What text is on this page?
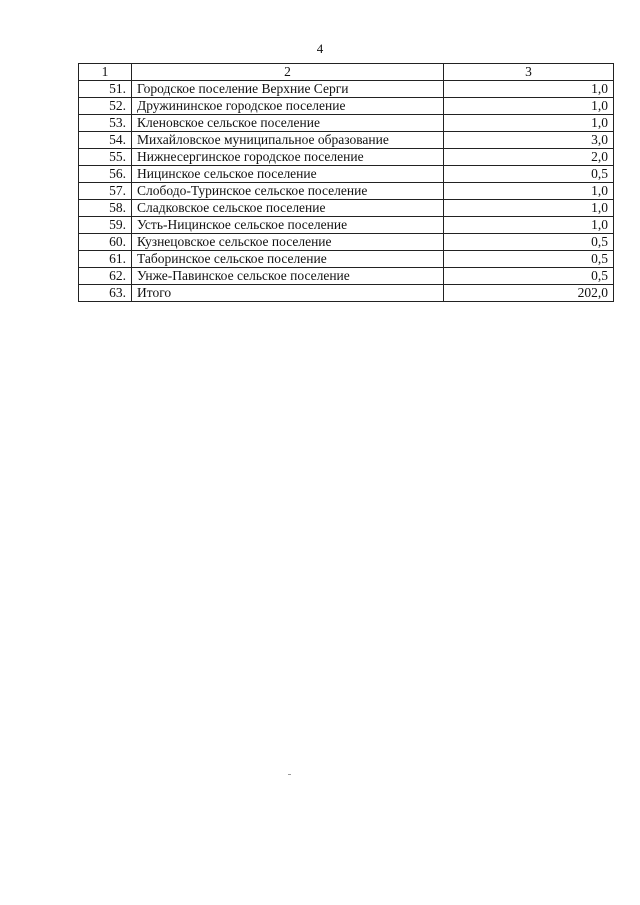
4
1	2	3
51.	Городское поселение Верхние Серги	1,0
52.	Дружининское городское поселение	1,0
53.	Кленовское сельское поселение	1,0
54.	Михайловское муниципальное образование	3,0
55.	Нижнесергинское городское поселение	2,0
56.	Ницинское сельское поселение	0,5
57.	Слободо-Туринское сельское поселение	1,0
58.	Сладковское сельское поселение	1,0
59.	Усть-Ницинское сельское поселение	1,0
60.	Кузнецовское сельское поселение	0,5
61.	Таборинское сельское поселение	0,5
62.	Унже-Павинское сельское поселение	0,5
63.	Итого	202,0
